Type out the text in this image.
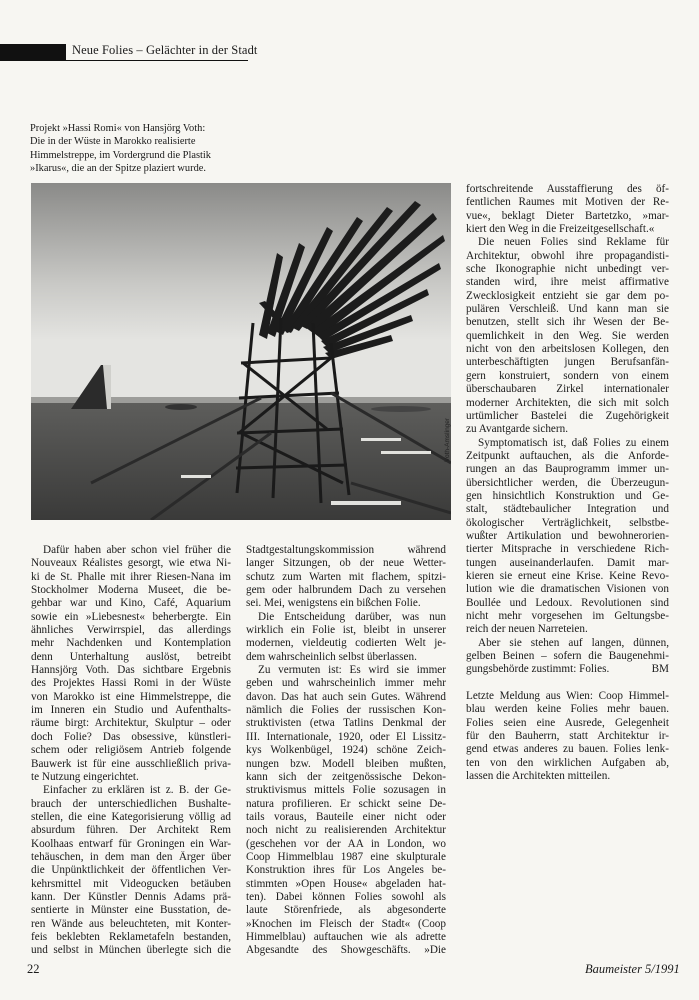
Neue Folies – Gelächter in der Stadt
Projekt »Hassi Romi« von Hansjörg Voth:
Die in der Wüste in Marokko realisierte
Himmelstreppe, im Vordergrund die Plastik
»Ikarus«, die an der Spitze plaziert wurde.
Voth-Amslinger
Dafür haben aber schon viel früher die
Nouveaux Réalistes gesorgt, wie etwa Ni-
ki de St. Phalle mit ihrer Riesen-Nana im
Stockholmer Moderna Museet, die be-
gehbar war und Kino, Café, Aquarium
sowie ein »Liebesnest« beherbergte. Ein
ähnliches Verwirrspiel, das allerdings
mehr Nachdenken und Kontemplation
denn Unterhaltung auslöst, betreibt
Hannsjörg Voth. Das sichtbare Ergebnis
des Projektes Hassi Romi in der Wüste
von Marokko ist eine Himmelstreppe, die
im Inneren ein Studio und Aufenthalts-
räume birgt: Architektur, Skulptur – oder
doch Folie? Das obsessive, künstleri-
schem oder religiösem Antrieb folgende
Bauwerk ist für eine ausschließlich priva-
te Nutzung eingerichtet.
Einfacher zu erklären ist z. B. der Ge-
brauch der unterschiedlichen Bushalte-
stellen, die eine Kategorisierung völlig ad
absurdum führen. Der Architekt Rem
Koolhaas entwarf für Groningen ein War-
tehäuschen, in dem man den Ärger über
die Unpünktlichkeit der öffentlichen Ver-
kehrsmittel mit Videogucken betäuben
kann. Der Künstler Dennis Adams prä-
sentierte in Münster eine Busstation, de-
ren Wände aus beleuchteten, mit Konter-
feis beklebten Reklametafeln bestanden,
und selbst in München überlegte sich die
Stadtgestaltungskommission während
langer Sitzungen, ob der neue Wetter-
schutz zum Warten mit flachem, spitzi-
gem oder halbrundem Dach zu versehen
sei. Mei, wenigstens ein bißchen Folie.
Die Entscheidung darüber, was nun
wirklich ein Folie ist, bleibt in unserer
modernen, vieldeutig codierten Welt je-
dem wahrscheinlich selbst überlassen.
Zu vermuten ist: Es wird sie immer
geben und wahrscheinlich immer mehr
davon. Das hat auch sein Gutes. Während
nämlich die Folies der russischen Kon-
struktivisten (etwa Tatlins Denkmal der
III. Internationale, 1920, oder El Lissitz-
kys Wolkenbügel, 1924) schöne Zeich-
nungen bzw. Modell bleiben mußten,
kann sich der zeitgenössische Dekon-
struktivismus mittels Folie sozusagen in
natura profilieren. Er schickt seine De-
tails voraus, Bauteile einer nicht oder
noch nicht zu realisierenden Architektur
(geschehen vor der AA in London, wo
Coop Himmelblau 1987 eine skulpturale
Konstruktion ihres für Los Angeles be-
stimmten »Open House« abgeladen hat-
ten). Dabei können Folies sowohl als
laute Störenfriede, als abgesonderte
»Knochen im Fleisch der Stadt« (Coop
Himmelblau) auftauchen wie als adrette
Abgesandte des Showgeschäfts. »Die
fortschreitende Ausstaffierung des öf-
fentlichen Raumes mit Motiven der Re-
vue«, beklagt Dieter Bartetzko, »mar-
kiert den Weg in die Freizeitgesellschaft.«
Die neuen Folies sind Reklame für
Architektur, obwohl ihre propagandisti-
sche Ikonographie nicht unbedingt ver-
standen wird, ihre meist affirmative
Zwecklosigkeit entzieht sie gar dem po-
pulären Verschleiß. Und kann man sie
benutzen, stellt sich ihr Wesen der Be-
quemlichkeit in den Weg. Sie werden
nicht von den arbeitslosen Kollegen, den
unterbeschäftigten jungen Berufsanfän-
gern konstruiert, sondern von einem
überschaubaren Zirkel internationaler
moderner Architekten, die sich mit solch
urtümlicher Bastelei die Zugehörigkeit
zu Avantgarde sichern.
Symptomatisch ist, daß Folies zu einem
Zeitpunkt auftauchen, als die Anforde-
rungen an das Bauprogramm immer un-
übersichtlicher werden, die Überzeugun-
gen hinsichtlich Konstruktion und Ge-
stalt, städtebaulicher Integration und
ökologischer Verträglichkeit, selbstbe-
wußter Artikulation und bewohnerorien-
tierter Mitsprache in verschiedene Rich-
tungen auseinanderlaufen. Damit mar-
kieren sie erneut eine Krise. Keine Revo-
lution wie die dramatischen Visionen von
Boullée und Ledoux. Revolutionen sind
nicht mehr vorgesehen im Geltungsbe-
reich der neuen Narreteien.
Aber sie stehen auf langen, dünnen,
gelben Beinen – sofern die Baugenehmi-
gungsbehörde zustimmt: Folies.	BM
Letzte Meldung aus Wien: Coop Himmel-
blau werden keine Folies mehr bauen.
Folies seien eine Ausrede, Gelegenheit
für den Bauherrn, statt Architektur ir-
gend etwas anderes zu bauen. Folies lenk-
ten von den wirklichen Aufgaben ab,
lassen die Architekten mitteilen.
22	Baumeister 5/1991
